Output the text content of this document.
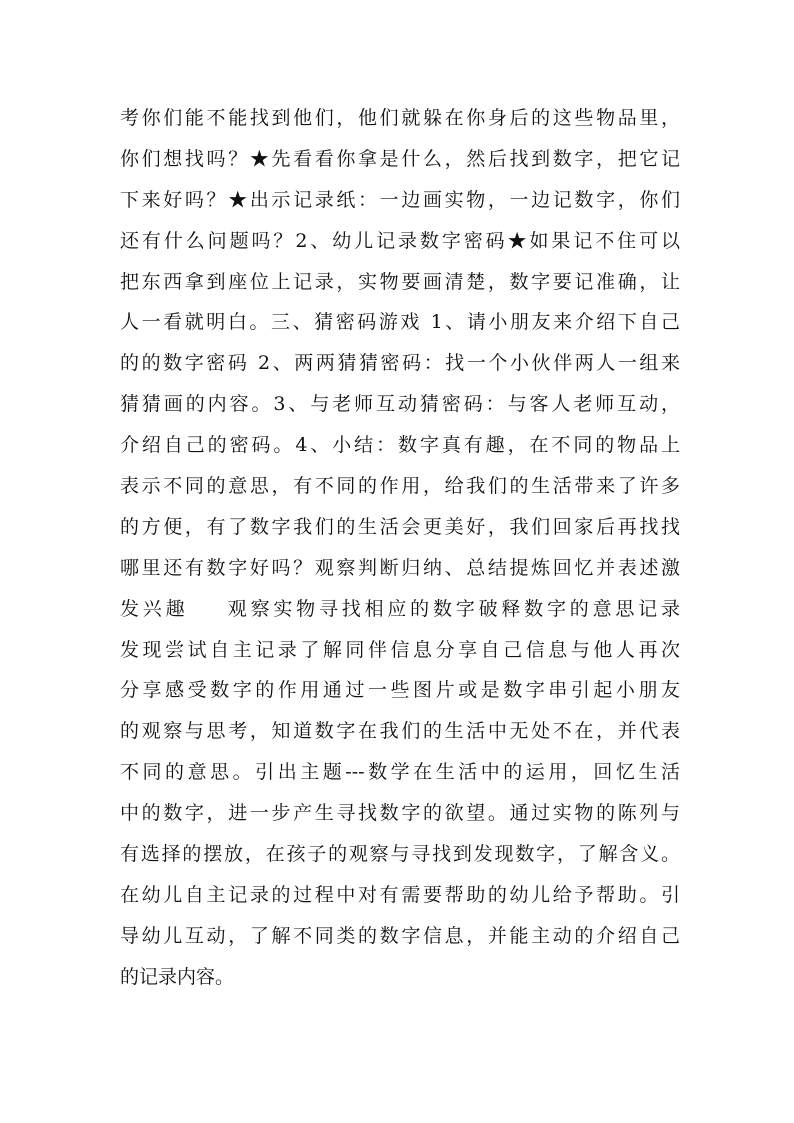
考你们能不能找到他们，他们就躲在你身后的这些物品里，
你们想找吗？★先看看你拿是什么，然后找到数字，把它记
下来好吗？★出示记录纸：一边画实物，一边记数字，你们
还有什么问题吗？2、幼儿记录数字密码★如果记不住可以
把东西拿到座位上记录，实物要画清楚，数字要记准确，让
人一看就明白。三、猜密码游戏 1、请小朋友来介绍下自己
的的数字密码 2、两两猜猜密码：找一个小伙伴两人一组来
猜猜画的内容。3、与老师互动猜密码：与客人老师互动，
介绍自己的密码。4、小结：数字真有趣，在不同的物品上
表示不同的意思，有不同的作用，给我们的生活带来了许多
的方便，有了数字我们的生活会更美好，我们回家后再找找
哪里还有数字好吗？观察判断归纳、总结提炼回忆并表述激
发兴趣    观察实物寻找相应的数字破释数字的意思记录
发现尝试自主记录了解同伴信息分享自己信息与他人再次
分享感受数字的作用通过一些图片或是数字串引起小朋友
的观察与思考，知道数字在我们的生活中无处不在，并代表
不同的意思。引出主题---数学在生活中的运用，回忆生活
中的数字，进一步产生寻找数字的欲望。通过实物的陈列与
有选择的摆放，在孩子的观察与寻找到发现数字，了解含义。
在幼儿自主记录的过程中对有需要帮助的幼儿给予帮助。引
导幼儿互动，了解不同类的数字信息，并能主动的介绍自己
的记录内容。
